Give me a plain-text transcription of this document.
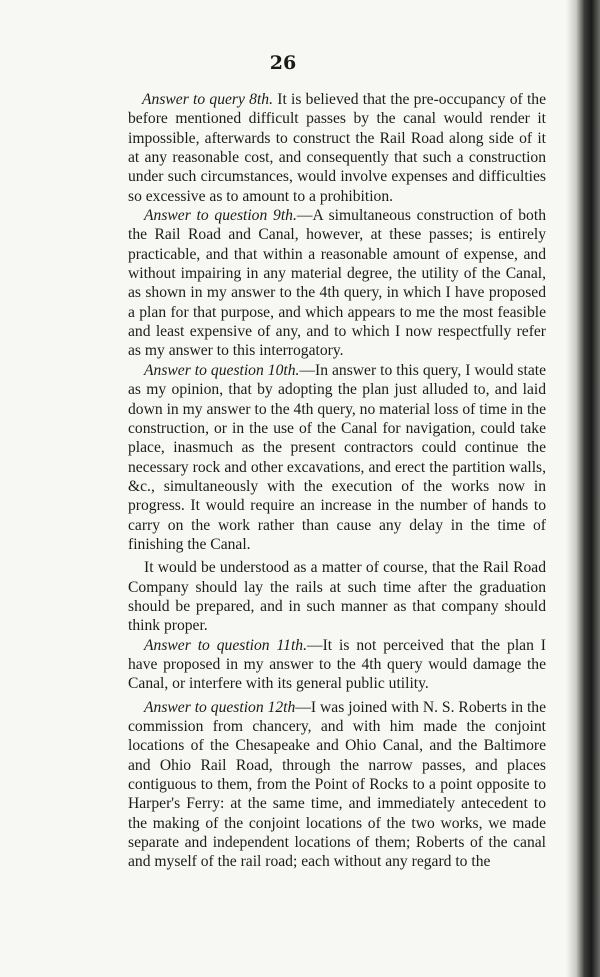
26

Answer to query 8th. It is believed that the pre-occupancy of the before mentioned difficult passes by the canal would render it impossible, afterwards to construct the Rail Road along side of it at any reasonable cost, and consequently that such a construction under such circumstances, would involve expenses and difficulties so excessive as to amount to a prohibition.

Answer to question 9th.—A simultaneous construction of both the Rail Road and Canal, however, at these passes; is entirely practicable, and that within a reasonable amount of expense, and without impairing in any material degree, the utility of the Canal, as shown in my answer to the 4th query, in which I have proposed a plan for that purpose, and which appears to me the most feasible and least expensive of any, and to which I now respectfully refer as my answer to this interrogatory.

Answer to question 10th.—In answer to this query, I would state as my opinion, that by adopting the plan just alluded to, and laid down in my answer to the 4th query, no material loss of time in the construction, or in the use of the Canal for navigation, could take place, inasmuch as the present contractors could continue the necessary rock and other excavations, and erect the partition walls, &c., simultaneously with the execution of the works now in progress. It would require an increase in the number of hands to carry on the work rather than cause any delay in the time of finishing the Canal.

It would be understood as a matter of course, that the Rail Road Company should lay the rails at such time after the graduation should be prepared, and in such manner as that company should think proper.

Answer to question 11th.—It is not perceived that the plan I have proposed in my answer to the 4th query would damage the Canal, or interfere with its general public utility.

Answer to question 12th—I was joined with N. S. Roberts in the commission from chancery, and with him made the conjoint locations of the Chesapeake and Ohio Canal, and the Baltimore and Ohio Rail Road, through the narrow passes, and places contiguous to them, from the Point of Rocks to a point opposite to Harper's Ferry: at the same time, and immediately antecedent to the making of the conjoint locations of the two works, we made separate and independent locations of them; Roberts of the canal and myself of the rail road; each without any regard to the
